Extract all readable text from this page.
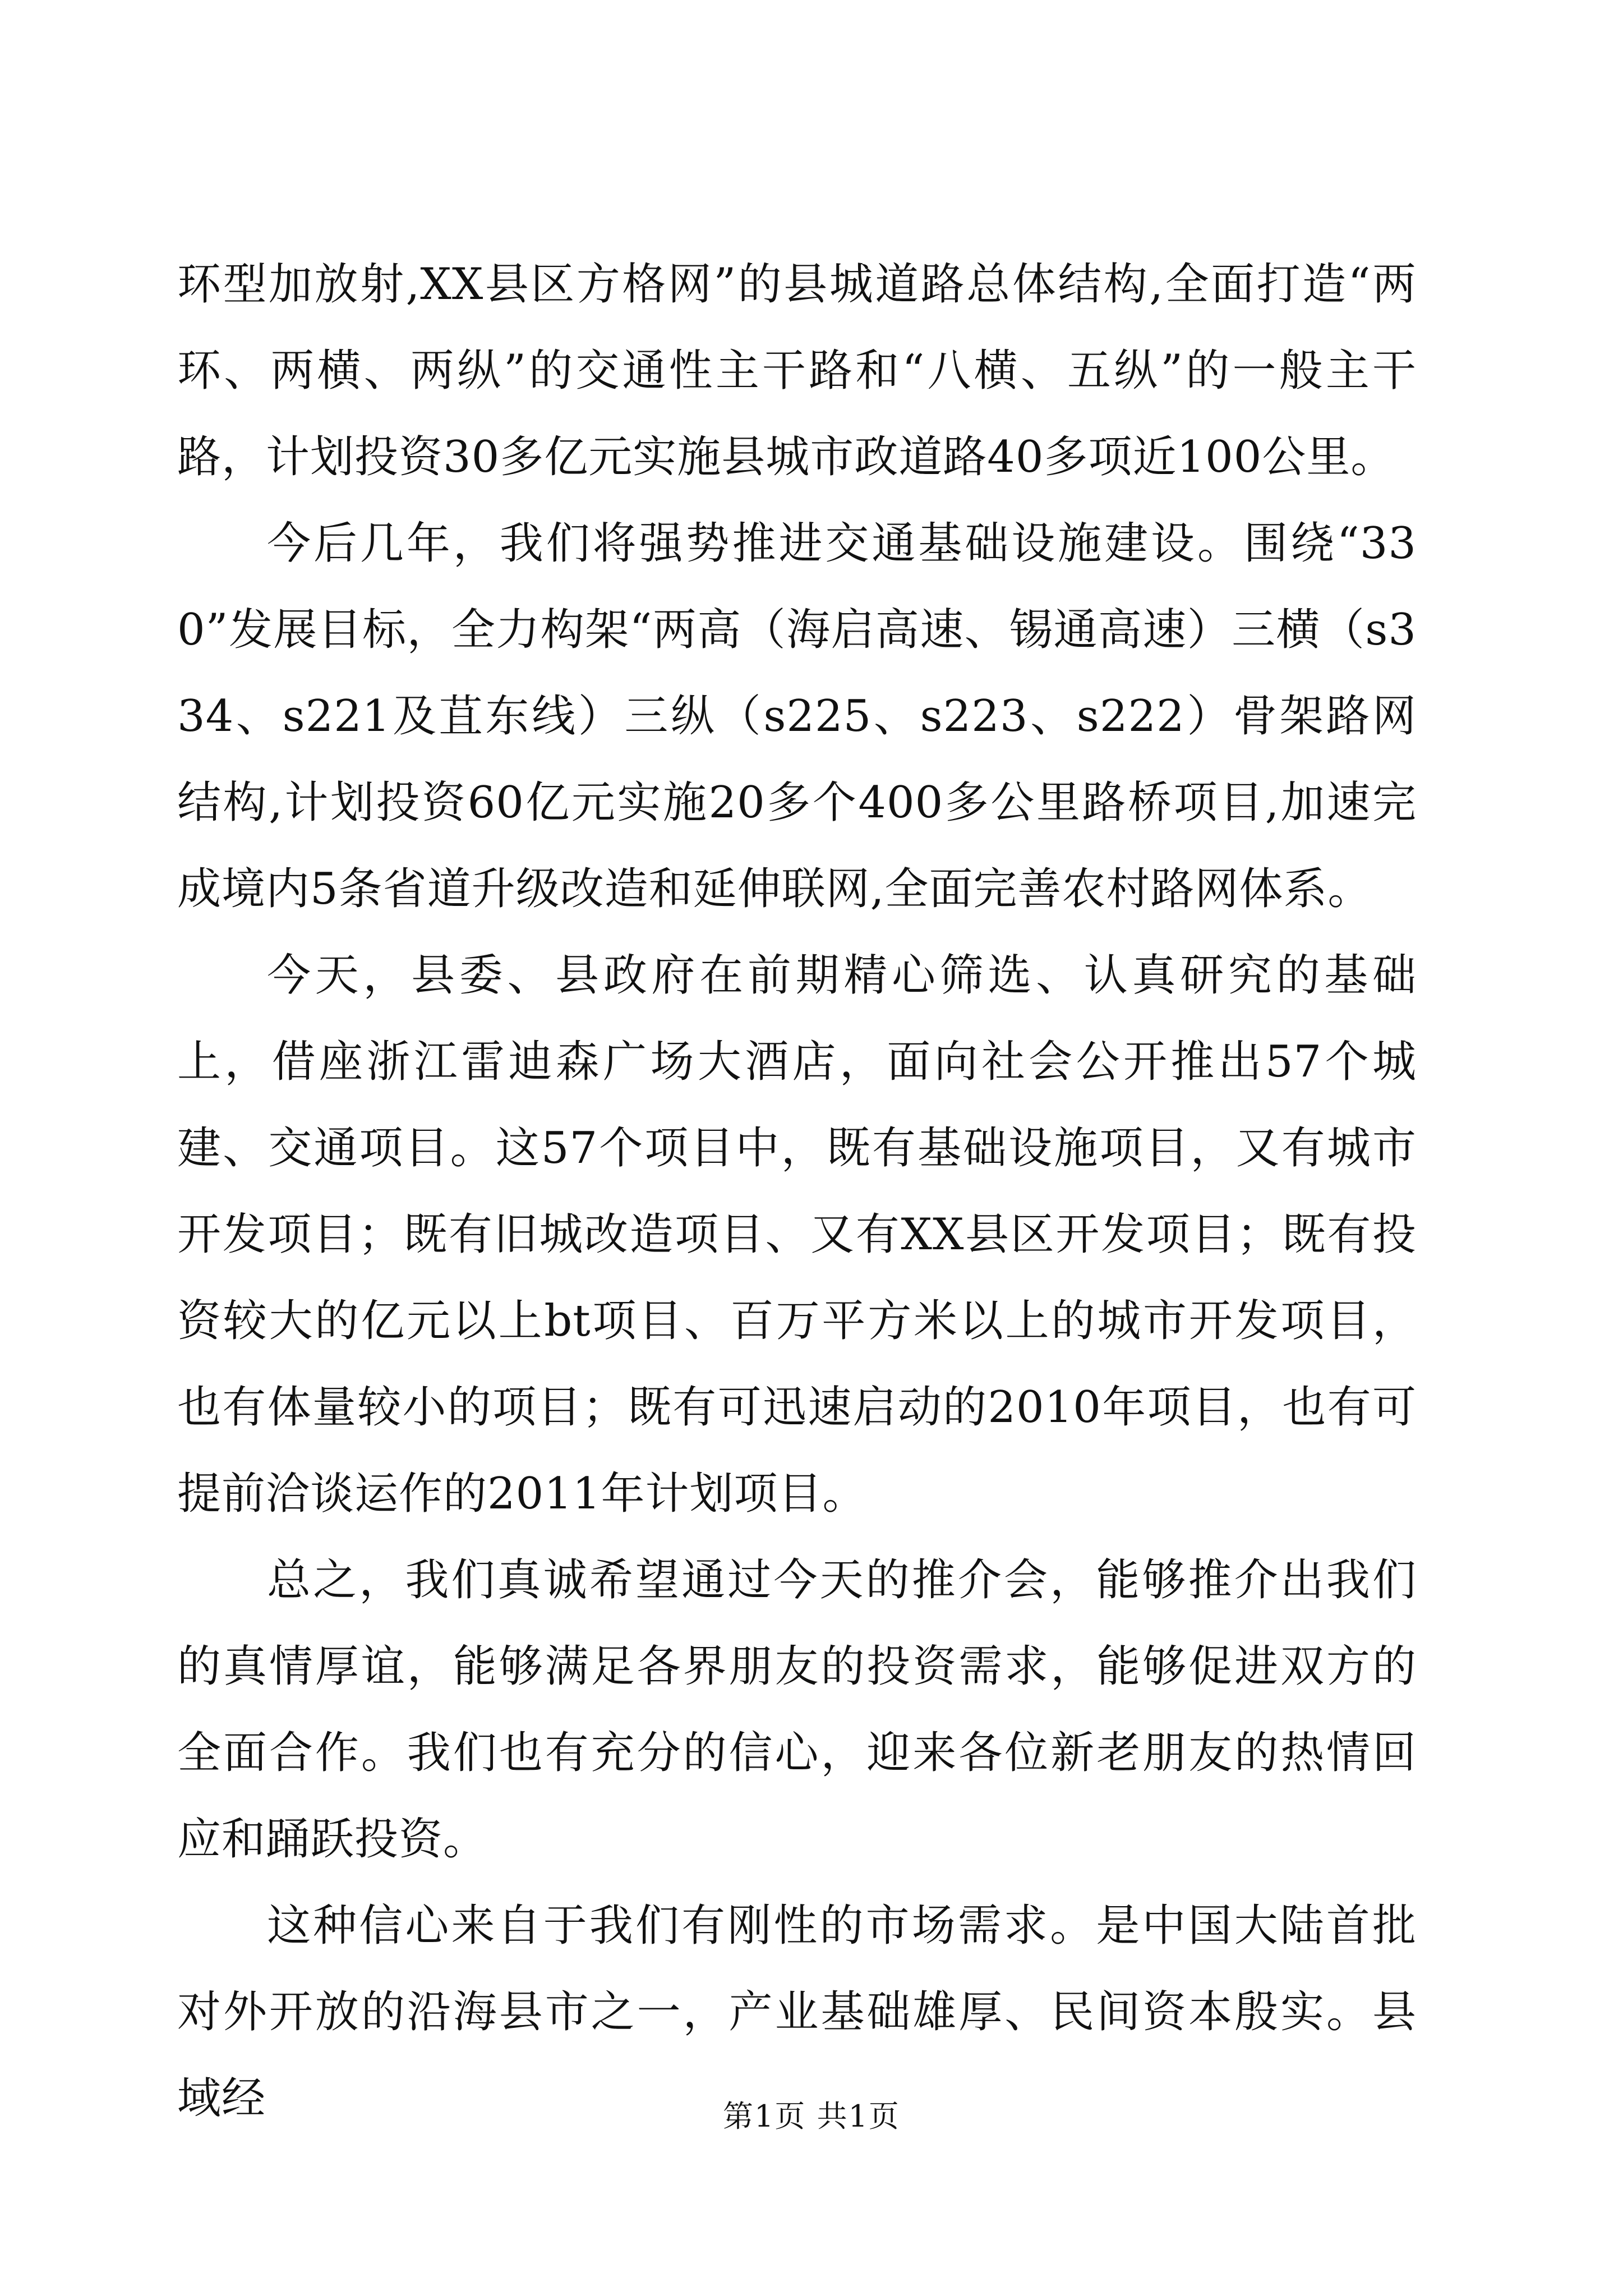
环型加放射,XX县区方格网”的县城道路总体结构,全面打造“两环、两横、两纵”的交通性主干路和“八横、五纵”的一般主干路，计划投资30多亿元实施县城市政道路40多项近100公里。

今后几年，我们将强势推进交通基础设施建设。围绕“330”发展目标，全力构架“两高（海启高速、锡通高速）三横（s334、s221及苴东线）三纵（s225、s223、s222）骨架路网结构,计划投资60亿元实施20多个400多公里路桥项目,加速完成境内5条省道升级改造和延伸联网,全面完善农村路网体系。

今天，县委、县政府在前期精心筛选、认真研究的基础上，借座浙江雷迪森广场大酒店，面向社会公开推出57个城建、交通项目。这57个项目中，既有基础设施项目，又有城市开发项目；既有旧城改造项目、又有XX县区开发项目；既有投资较大的亿元以上bt项目、百万平方米以上的城市开发项目，也有体量较小的项目；既有可迅速启动的2010年项目，也有可提前洽谈运作的2011年计划项目。

总之，我们真诚希望通过今天的推介会，能够推介出我们的真情厚谊，能够满足各界朋友的投资需求，能够促进双方的全面合作。我们也有充分的信心，迎来各位新老朋友的热情回应和踊跃投资。

这种信心来自于我们有刚性的市场需求。是中国大陆首批对外开放的沿海县市之一，产业基础雄厚、民间资本殷实。县域经	第1页 共1页
